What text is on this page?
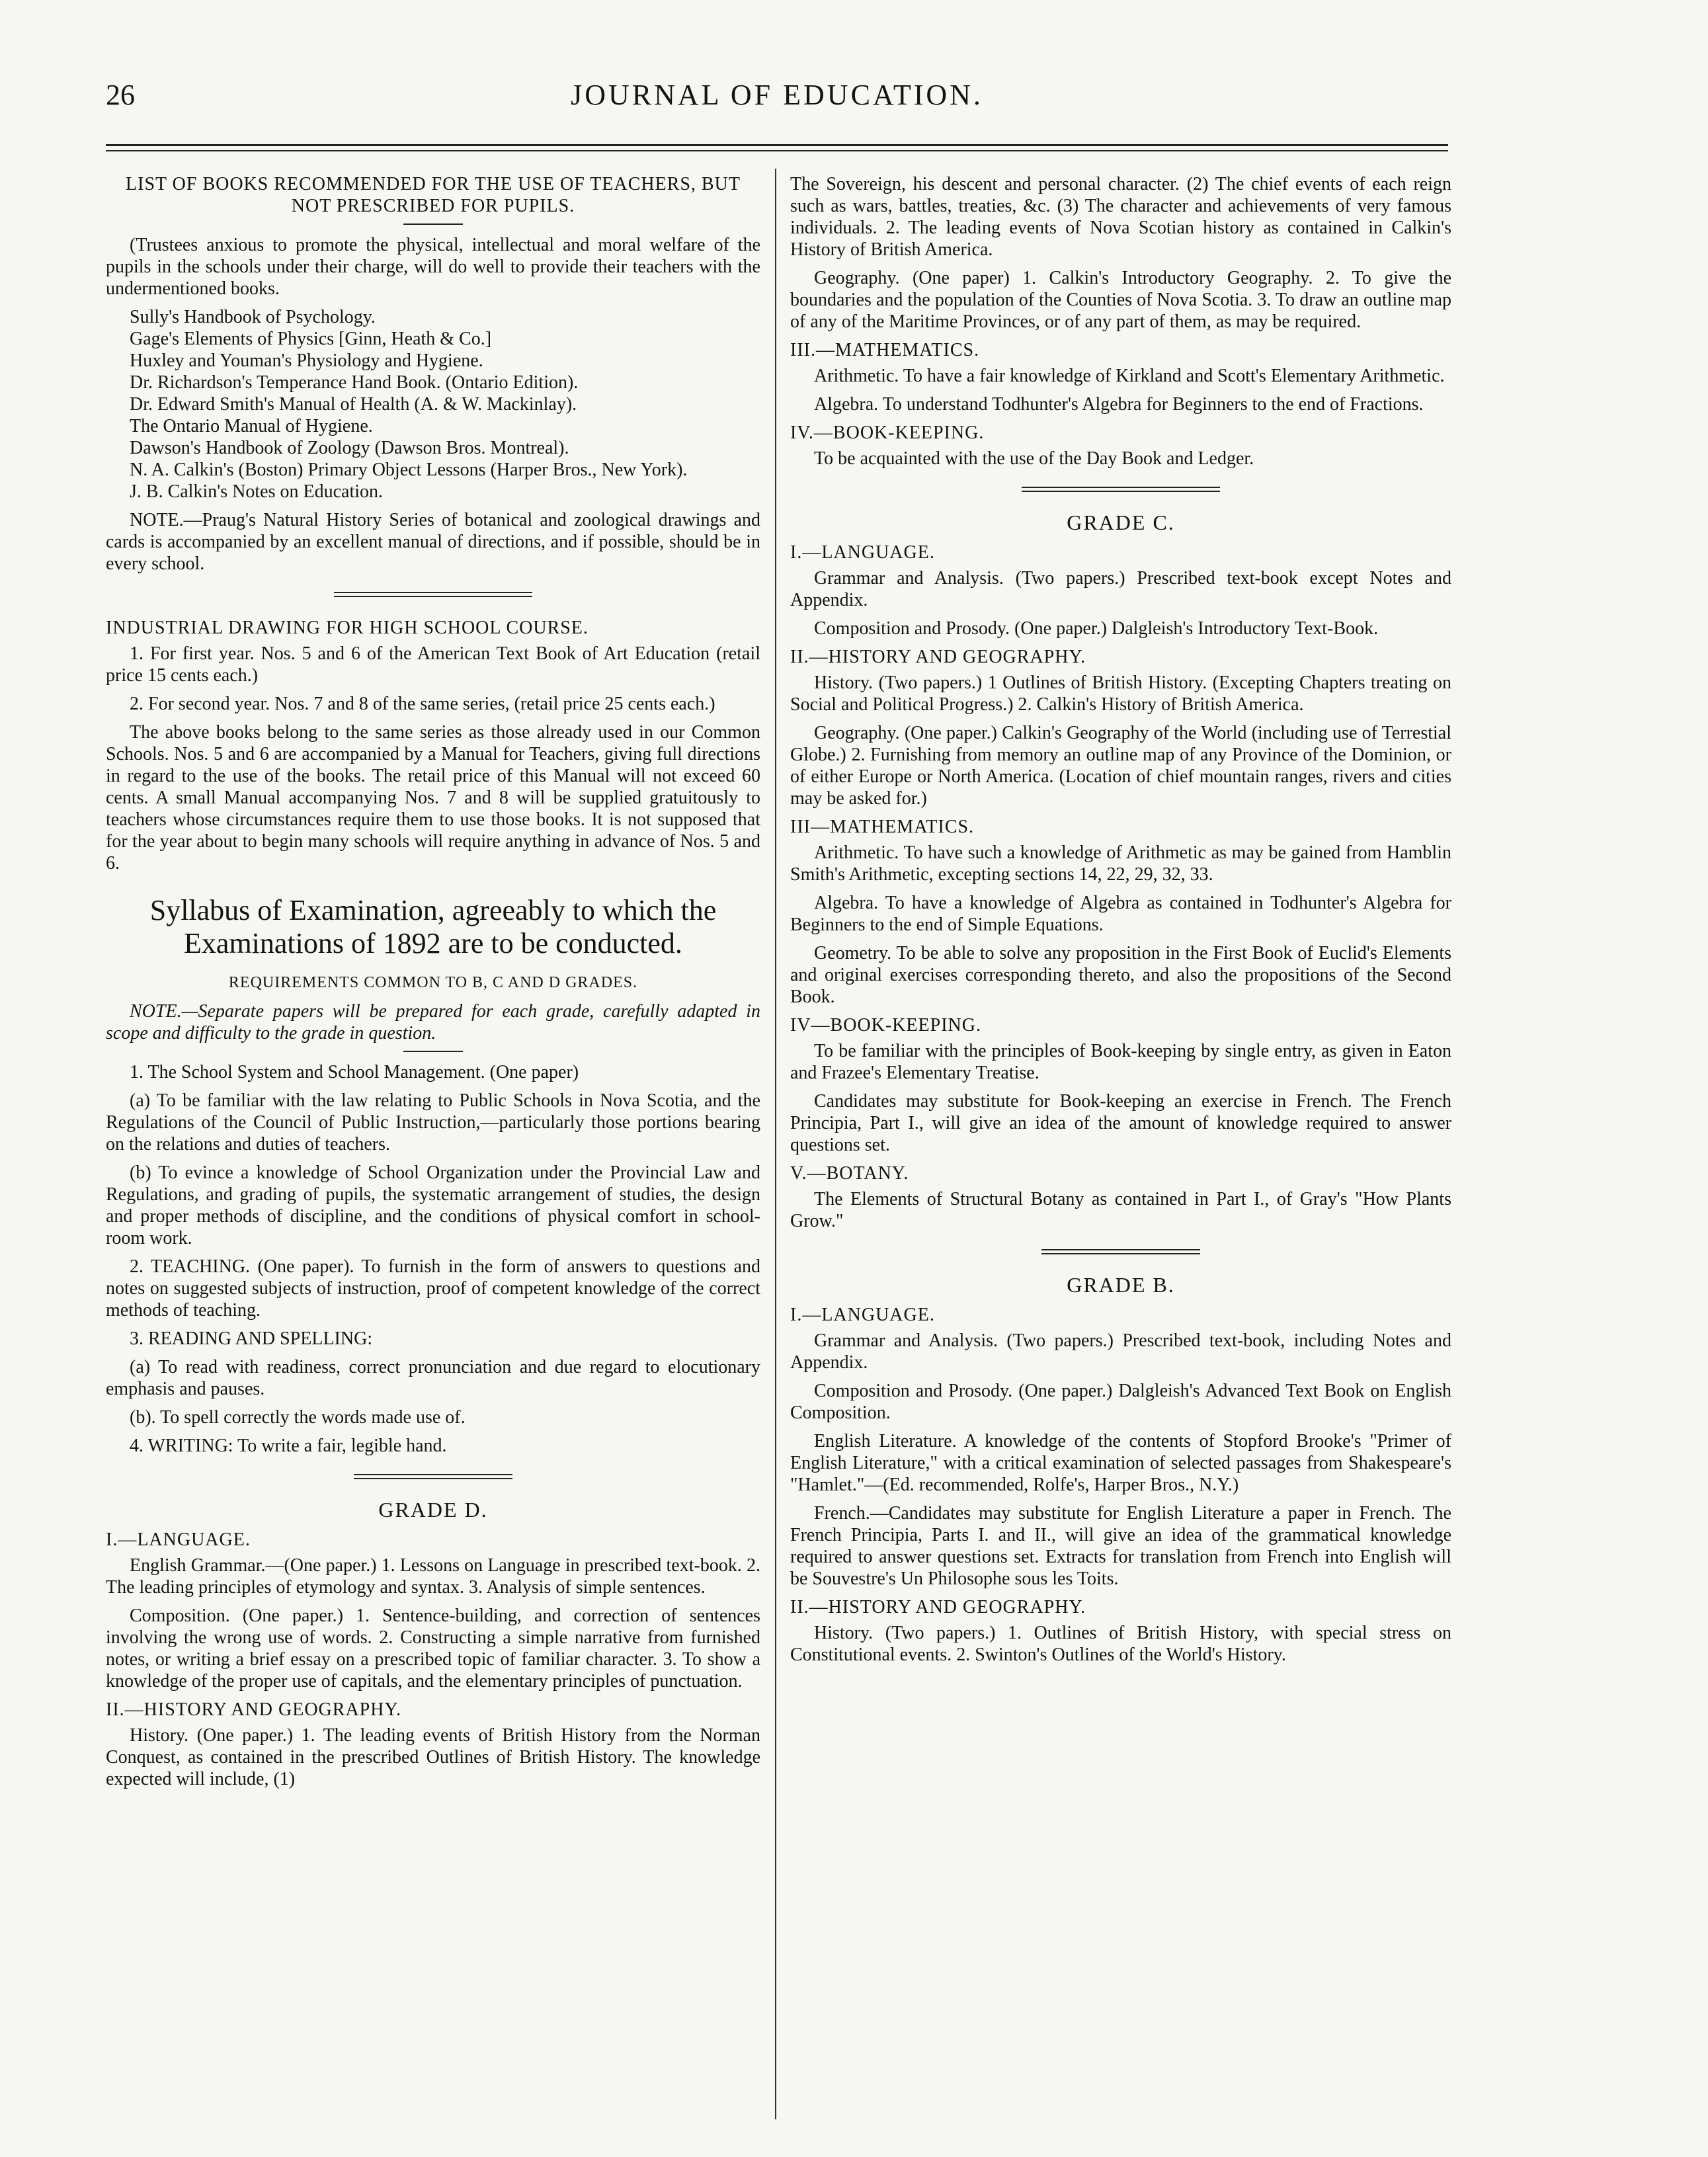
26	JOURNAL OF EDUCATION.

LIST OF BOOKS RECOMMENDED FOR THE USE OF TEACHERS, BUT NOT PRESCRIBED FOR PUPILS.

(Trustees anxious to promote the physical, intellectual and moral welfare of the pupils in the schools under their charge, will do well to provide their teachers with the undermentioned books.

Sully's Handbook of Psychology.

Gage's Elements of Physics [Ginn, Heath & Co.]

Huxley and Youman's Physiology and Hygiene.

Dr. Richardson's Temperance Hand Book. (Ontario Edition).

Dr. Edward Smith's Manual of Health (A. & W. Mackinlay).

The Ontario Manual of Hygiene.

Dawson's Handbook of Zoology (Dawson Bros. Montreal).

N. A. Calkin's (Boston) Primary Object Lessons (Harper Bros., New York).

J. B. Calkin's Notes on Education.

NOTE.—Praug's Natural History Series of botanical and zoological drawings and cards is accompanied by an excellent manual of directions, and if possible, should be in every school.

INDUSTRIAL DRAWING FOR HIGH SCHOOL COURSE.

1. For first year. Nos. 5 and 6 of the American Text Book of Art Education (retail price 15 cents each.)

2. For second year. Nos. 7 and 8 of the same series, (retail price 25 cents each.)

The above books belong to the same series as those already used in our Common Schools. Nos. 5 and 6 are accompanied by a Manual for Teachers, giving full directions in regard to the use of the books. The retail price of this Manual will not exceed 60 cents. A small Manual accompanying Nos. 7 and 8 will be supplied gratuitously to teachers whose circumstances require them to use those books. It is not supposed that for the year about to begin many schools will require anything in advance of Nos. 5 and 6.

Syllabus of Examination, agreeably to which the Examinations of 1892 are to be conducted.

REQUIREMENTS COMMON TO B, C AND D GRADES.

NOTE.—Separate papers will be prepared for each grade, carefully adapted in scope and difficulty to the grade in question.

1. The School System and School Management. (One paper)

(a) To be familiar with the law relating to Public Schools in Nova Scotia, and the Regulations of the Council of Public Instruction,—particularly those portions bearing on the relations and duties of teachers.

(b) To evince a knowledge of School Organization under the Provincial Law and Regulations, and grading of pupils, the systematic arrangement of studies, the design and proper methods of discipline, and the conditions of physical comfort in school-room work.

2. TEACHING. (One paper). To furnish in the form of answers to questions and notes on suggested subjects of instruction, proof of competent knowledge of the correct methods of teaching.

3. READING AND SPELLING:

(a) To read with readiness, correct pronunciation and due regard to elocutionary emphasis and pauses.

(b). To spell correctly the words made use of.

4. WRITING: To write a fair, legible hand.

GRADE D.

I.—LANGUAGE.

English Grammar.—(One paper.) 1. Lessons on Language in prescribed text-book. 2. The leading principles of etymology and syntax. 3. Analysis of simple sentences.

Composition. (One paper.) 1. Sentence-building, and correction of sentences involving the wrong use of words. 2. Constructing a simple narrative from furnished notes, or writing a brief essay on a prescribed topic of familiar character. 3. To show a knowledge of the proper use of capitals, and the elementary principles of punctuation.

II.—HISTORY AND GEOGRAPHY.

History. (One paper.) 1. The leading events of British History from the Norman Conquest, as contained in the prescribed Outlines of British History. The knowledge expected will include, (1)

The Sovereign, his descent and personal character. (2) The chief events of each reign such as wars, battles, treaties, &c. (3) The character and achievements of very famous individuals. 2. The leading events of Nova Scotian history as contained in Calkin's History of British America.

Geography. (One paper) 1. Calkin's Introductory Geography. 2. To give the boundaries and the population of the Counties of Nova Scotia. 3. To draw an outline map of any of the Maritime Provinces, or of any part of them, as may be required.

III.—MATHEMATICS.

Arithmetic. To have a fair knowledge of Kirkland and Scott's Elementary Arithmetic.

Algebra. To understand Todhunter's Algebra for Beginners to the end of Fractions.

IV.—BOOK-KEEPING.

To be acquainted with the use of the Day Book and Ledger.

GRADE C.

I.—LANGUAGE.

Grammar and Analysis. (Two papers.) Prescribed text-book except Notes and Appendix.

Composition and Prosody. (One paper.) Dalgleish's Introductory Text-Book.

II.—HISTORY AND GEOGRAPHY.

History. (Two papers.) 1 Outlines of British History. (Excepting Chapters treating on Social and Political Progress.) 2. Calkin's History of British America.

Geography. (One paper.) Calkin's Geography of the World (including use of Terrestial Globe.) 2. Furnishing from memory an outline map of any Province of the Dominion, or of either Europe or North America. (Location of chief mountain ranges, rivers and cities may be asked for.)

III—MATHEMATICS.

Arithmetic. To have such a knowledge of Arithmetic as may be gained from Hamblin Smith's Arithmetic, excepting sections 14, 22, 29, 32, 33.

Algebra. To have a knowledge of Algebra as contained in Todhunter's Algebra for Beginners to the end of Simple Equations.

Geometry. To be able to solve any proposition in the First Book of Euclid's Elements and original exercises corresponding thereto, and also the propositions of the Second Book.

IV—BOOK-KEEPING.

To be familiar with the principles of Book-keeping by single entry, as given in Eaton and Frazee's Elementary Treatise.

Candidates may substitute for Book-keeping an exercise in French. The French Principia, Part I., will give an idea of the amount of knowledge required to answer questions set.

V.—BOTANY.

The Elements of Structural Botany as contained in Part I., of Gray's "How Plants Grow."

GRADE B.

I.—LANGUAGE.

Grammar and Analysis. (Two papers.) Prescribed text-book, including Notes and Appendix.

Composition and Prosody. (One paper.) Dalgleish's Advanced Text Book on English Composition.

English Literature. A knowledge of the contents of Stopford Brooke's "Primer of English Literature," with a critical examination of selected passages from Shakespeare's "Hamlet."—(Ed. recommended, Rolfe's, Harper Bros., N.Y.)

French.—Candidates may substitute for English Literature a paper in French. The French Principia, Parts I. and II., will give an idea of the grammatical knowledge required to answer questions set. Extracts for translation from French into English will be Souvestre's Un Philosophe sous les Toits.

II.—HISTORY AND GEOGRAPHY.

History. (Two papers.) 1. Outlines of British History, with special stress on Constitutional events. 2. Swinton's Outlines of the World's History.
